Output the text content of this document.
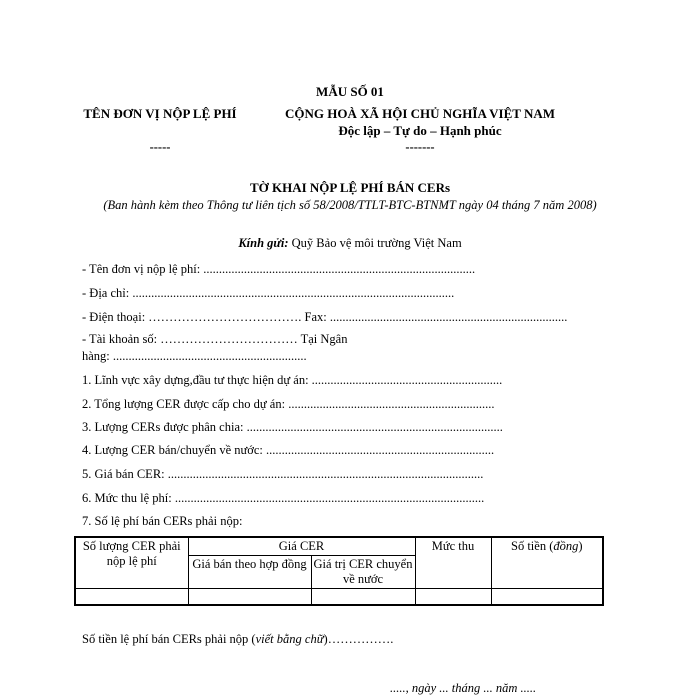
MẪU SỐ 01
TÊN ĐƠN VỊ NỘP LỆ PHÍ
-----
CỘNG HOÀ XÃ HỘI CHỦ NGHĨA VIỆT NAM
Độc lập – Tự do – Hạnh phúc
-------
TỜ KHAI NỘP LỆ PHÍ BÁN CERs
(Ban hành kèm theo Thông tư liên tịch số 58/2008/TTLT-BTC-BTNMT ngày 04 tháng 7 năm 2008)
Kính gửi: Quỹ Bảo vệ môi trường Việt Nam
- Tên đơn vị nộp lệ phí: .......................................................................................
- Địa chỉ: .......................................................................................................
- Điện thoại: ………………………………. Fax: ............................................................................
- Tài khoản số: …………………………… Tại Ngân
hàng: ..............................................................
1. Lĩnh vực xây dựng,đầu tư thực hiện dự án: .............................................................
2. Tổng lượng CER được cấp cho dự án: ..................................................................
3. Lượng CERs được phân chia: ..................................................................................
4. Lượng CER bán/chuyển về nước: .........................................................................
5. Giá bán CER: .....................................................................................................
6. Mức thu lệ phí: ...................................................................................................
7. Số lệ phí bán CERs phải nộp:
Số lượng CER phải nộp lệ phí	Giá CER		Mức thu	Số tiền (đồng)
	Giá bán theo hợp đồng	Giá trị CER chuyển về nước		

Số tiền lệ phí bán CERs phải nộp (viết bằng chữ)…………….
....., ngày ... tháng ... năm .....
